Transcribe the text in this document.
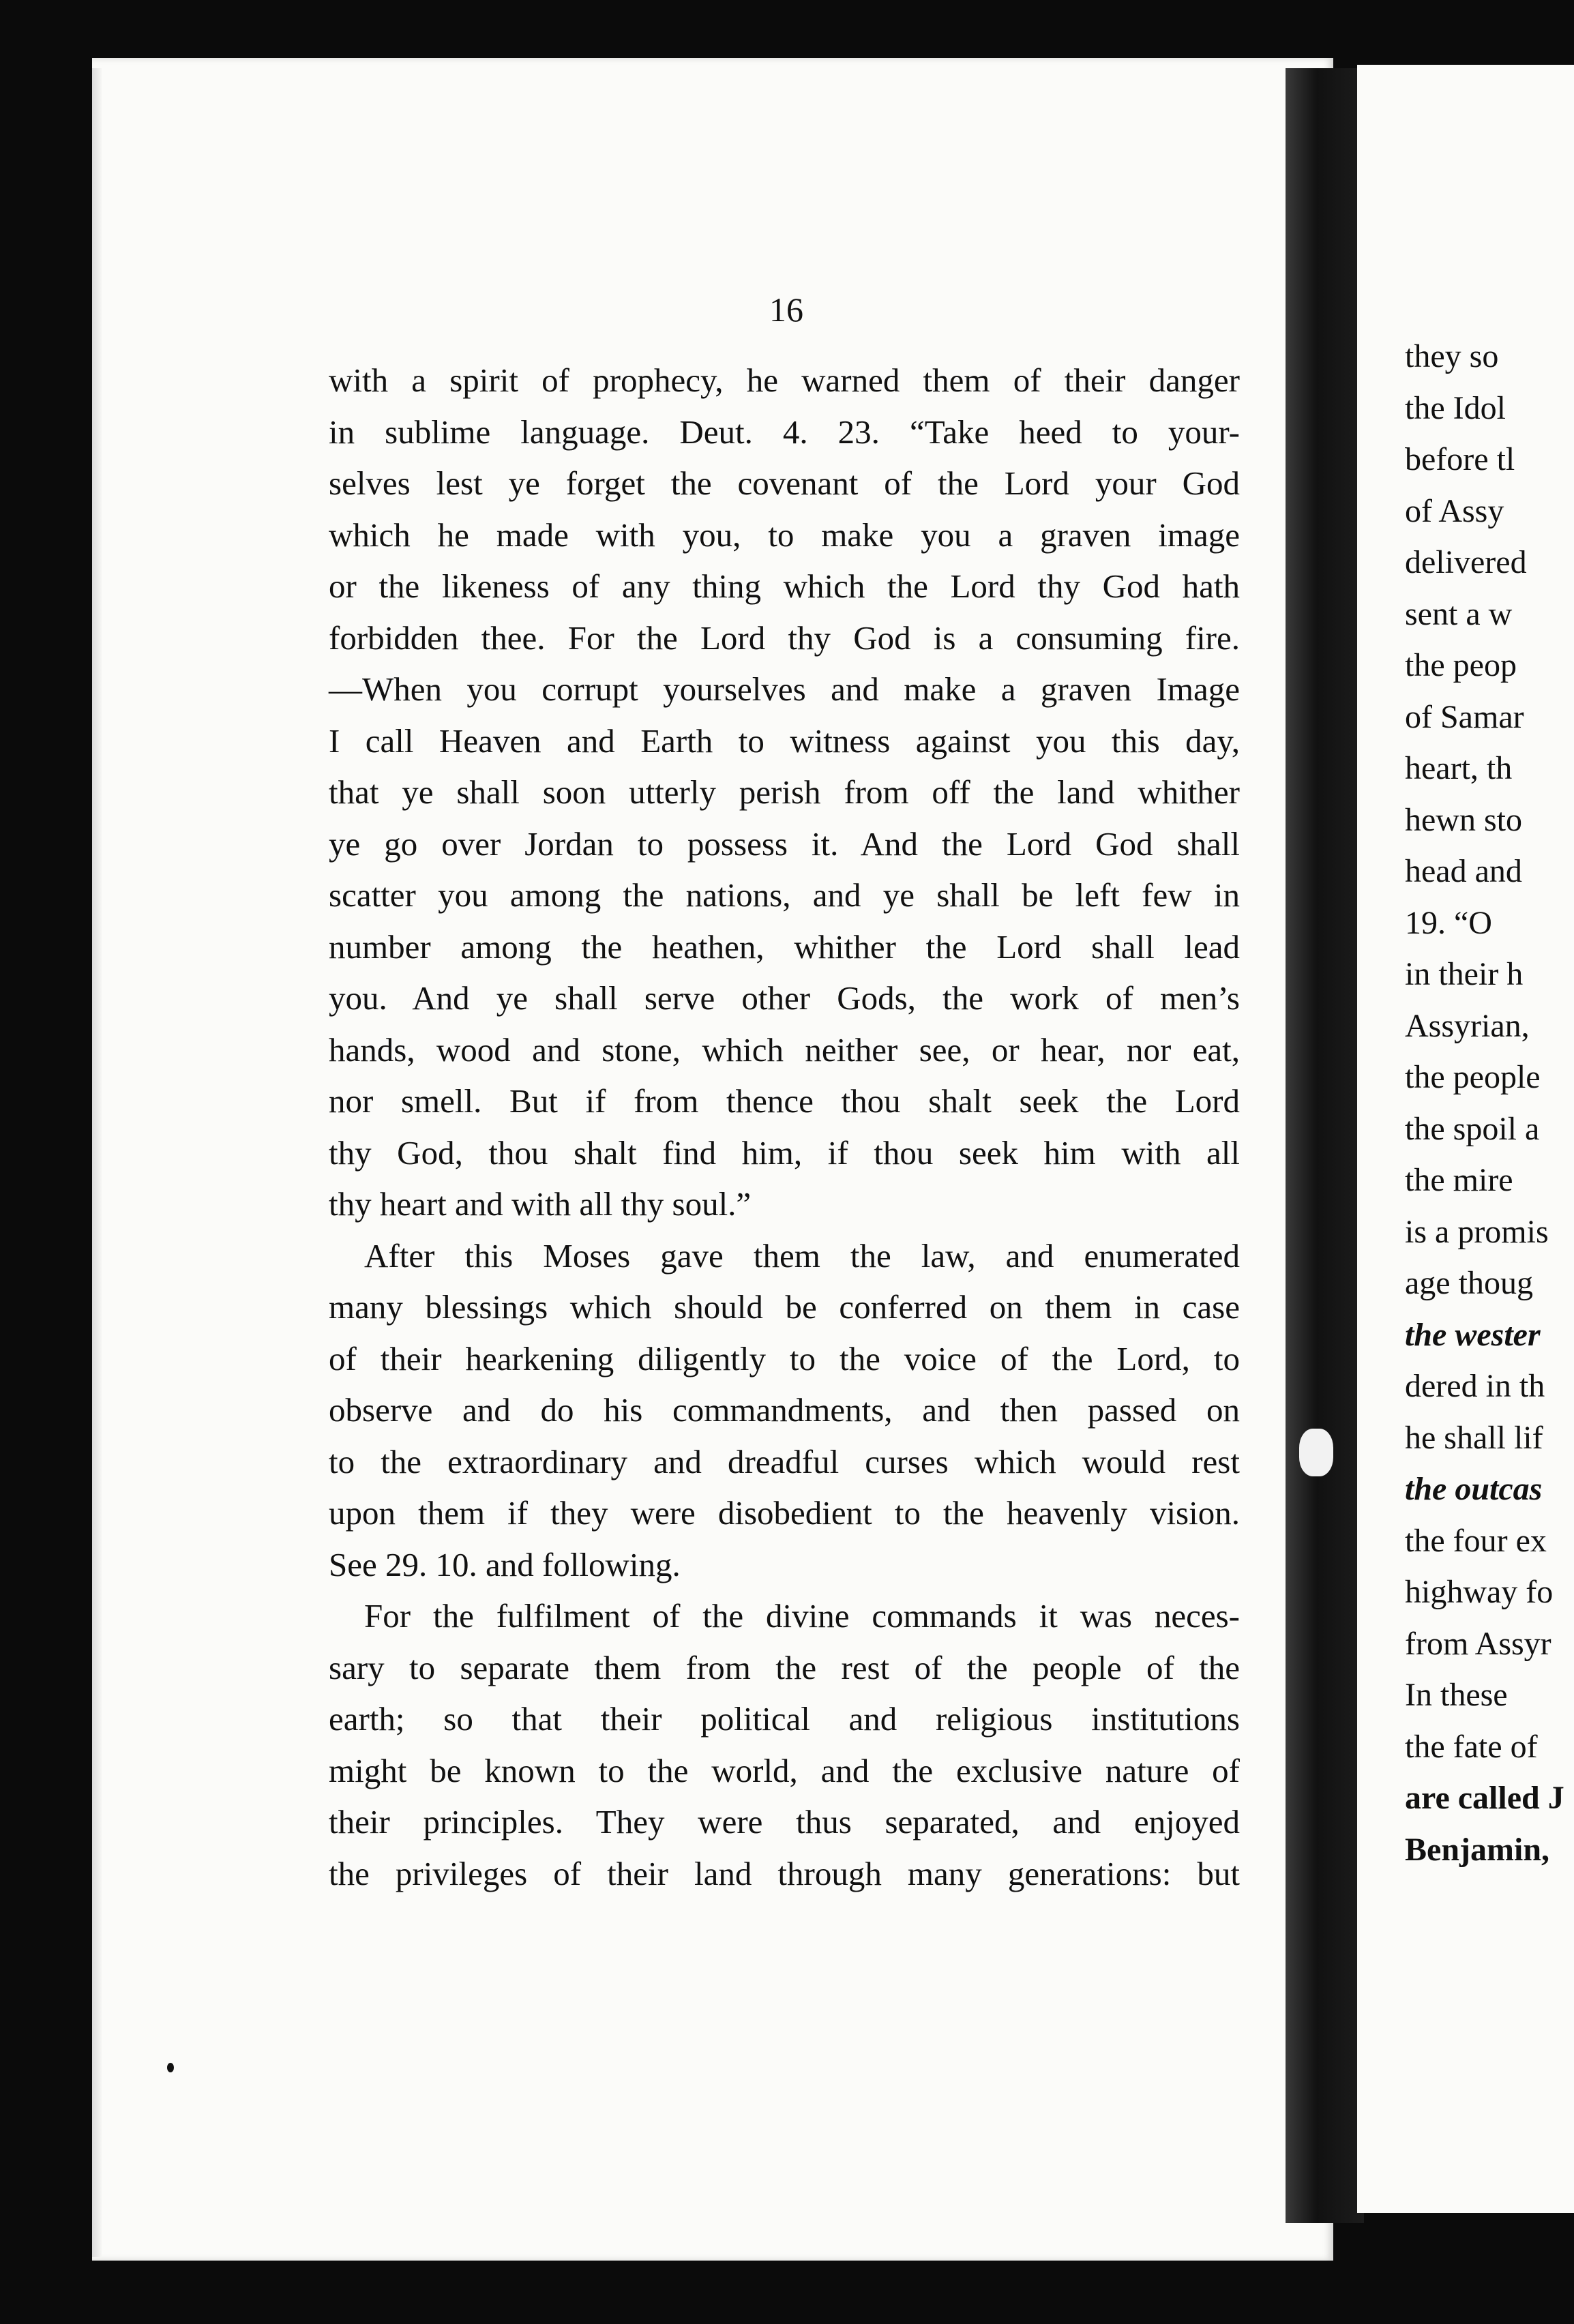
16
with a spirit of prophecy, he warned them of their danger
in sublime language. Deut. 4. 23. “Take heed to your-
selves lest ye forget the covenant of the Lord your God
which he made with you, to make you a graven image
or the likeness of any thing which the Lord thy God hath
forbidden thee. For the Lord thy God is a consuming fire.
—When you corrupt yourselves and make a graven Image
I call Heaven and Earth to witness against you this day,
that ye shall soon utterly perish from off the land whither
ye go over Jordan to possess it. And the Lord God shall
scatter you among the nations, and ye shall be left few in
number among the heathen, whither the Lord shall lead
you. And ye shall serve other Gods, the work of men’s
hands, wood and stone, which neither see, or hear, nor eat,
nor smell. But if from thence thou shalt seek the Lord
thy God, thou shalt find him, if thou seek him with all
thy heart and with all thy soul.”
After this Moses gave them the law, and enumerated
many blessings which should be conferred on them in case
of their hearkening diligently to the voice of the Lord, to
observe and do his commandments, and then passed on
to the extraordinary and dreadful curses which would rest
upon them if they were disobedient to the heavenly vision.
See 29. 10. and following.
For the fulfilment of the divine commands it was neces-
sary to separate them from the rest of the people of the
earth; so that their political and religious institutions
might be known to the world, and the exclusive nature of
their principles. They were thus separated, and enjoyed
the privileges of their land through many generations: but
they so
the Idol
before tl
of Assy
delivered
sent a w
the peop
of Samar
heart, th
hewn sto
head and
19. “O
in their h
Assyrian,
the people
the spoil a
the mire
is a promis
age thoug
the wester
dered in th
he shall lif
the outcas
the four ex
highway fo
from Assyr
In these
the fate of
are called J
Benjamin,
